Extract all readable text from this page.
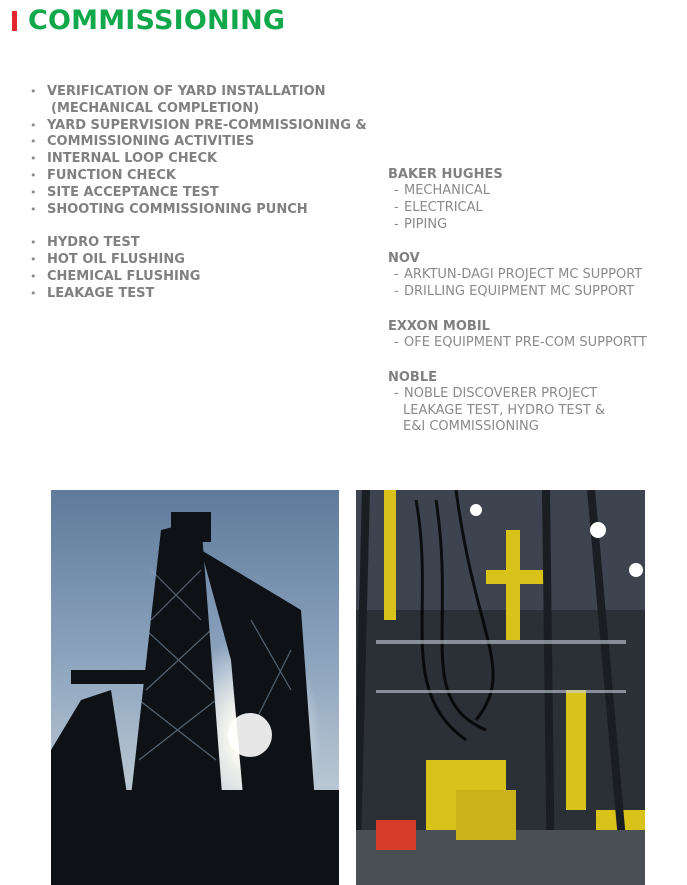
COMMISSIONING
• VERIFICATION OF YARD INSTALLATION
(MECHANICAL COMPLETION)
• YARD SUPERVISION PRE-COMMISSIONING &
• COMMISSIONING ACTIVITIES
• INTERNAL LOOP CHECK
• FUNCTION CHECK
• SITE ACCEPTANCE TEST
• SHOOTING COMMISSIONING PUNCH
• HYDRO TEST
• HOT OIL FLUSHING
• CHEMICAL FLUSHING
• LEAKAGE TEST
BAKER HUGHES
- MECHANICAL
- ELECTRICAL
- PIPING
NOV
- ARKTUN-DAGI PROJECT MC SUPPORT
- DRILLING EQUIPMENT MC SUPPORT
EXXON MOBIL
- OFE EQUIPMENT PRE-COM SUPPORTT
NOBLE
- NOBLE DISCOVERER PROJECT
LEAKAGE TEST, HYDRO TEST &
E&I COMMISSIONING
